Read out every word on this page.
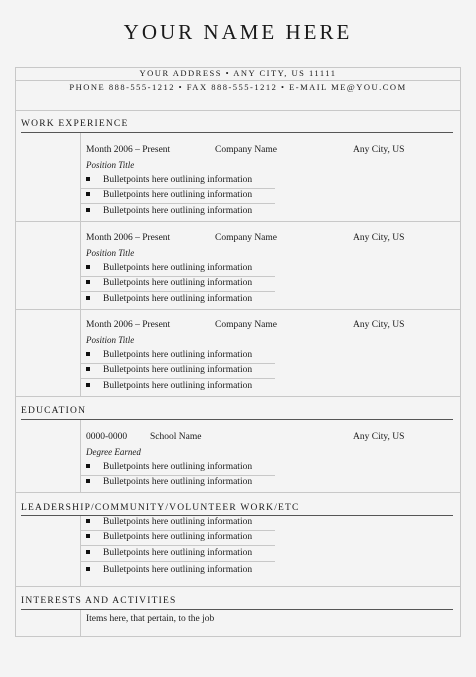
YOUR NAME HERE
YOUR ADDRESS • ANY CITY, US 11111
PHONE 888-555-1212 • FAX 888-555-1212 • E-MAIL ME@YOU.COM
WORK EXPERIENCE
Month 2006 – Present	Company Name	Any City, US
Position Title
Bulletpoints here outlining information
Bulletpoints here outlining information
Bulletpoints here outlining information
Month 2006 – Present	Company Name	Any City, US
Position Title
Bulletpoints here outlining information
Bulletpoints here outlining information
Bulletpoints here outlining information
Month 2006 – Present	Company Name	Any City, US
Position Title
Bulletpoints here outlining information
Bulletpoints here outlining information
Bulletpoints here outlining information
EDUCATION
0000-0000 School Name	Any City, US
Degree Earned
Bulletpoints here outlining information
Bulletpoints here outlining information
LEADERSHIP/COMMUNITY/VOLUNTEER WORK/ETC
Bulletpoints here outlining information
Bulletpoints here outlining information
Bulletpoints here outlining information
Bulletpoints here outlining information
INTERESTS AND ACTIVITIES
Items here, that pertain, to the job
